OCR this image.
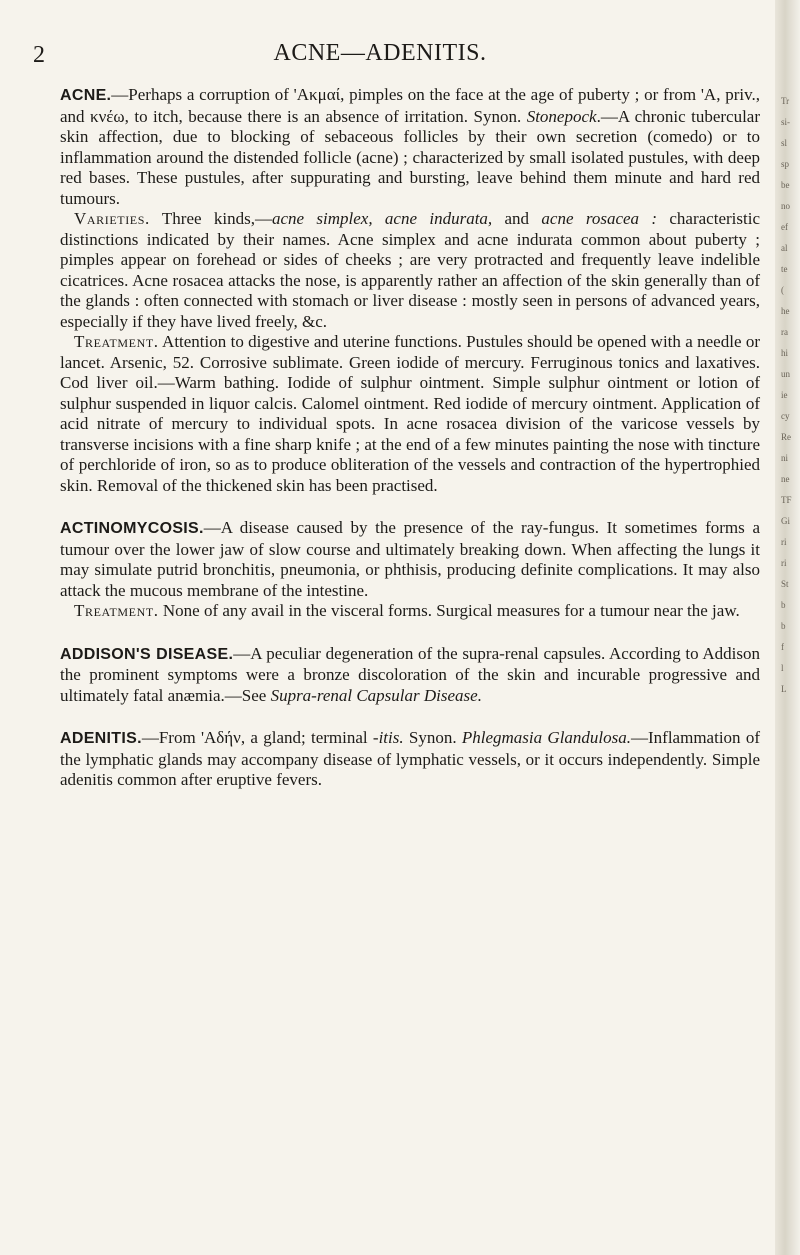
2	ACNE—ADENITIS.

ACNE.—Perhaps a corruption of 'Ακμαί, pimples on the face at the age of puberty ; or from 'A, priv., and κνέω, to itch, because there is an absence of irritation. Synon. Stonepock.—A chronic tubercular skin affection, due to blocking of sebaceous follicles by their own secretion (comedo) or to inflammation around the distended follicle (acne) ; characterized by small isolated pustules, with deep red bases. These pustules, after suppurating and bursting, leave behind them minute and hard red tumours.

Varieties. Three kinds,—acne simplex, acne indurata, and acne rosacea : characteristic distinctions indicated by their names. Acne simplex and acne indurata common about puberty ; pimples appear on forehead or sides of cheeks ; are very protracted and frequently leave indelible cicatrices. Acne rosacea attacks the nose, is apparently rather an affection of the skin generally than of the glands : often connected with stomach or liver disease : mostly seen in persons of advanced years, especially if they have lived freely, &c.

Treatment. Attention to digestive and uterine functions. Pustules should be opened with a needle or lancet. Arsenic, 52. Corrosive sublimate. Green iodide of mercury. Ferruginous tonics and laxatives. Cod liver oil.—Warm bathing. Iodide of sulphur ointment. Simple sulphur ointment or lotion of sulphur suspended in liquor calcis. Calomel ointment. Red iodide of mercury ointment. Application of acid nitrate of mercury to individual spots. In acne rosacea division of the varicose vessels by transverse incisions with a fine sharp knife ; at the end of a few minutes painting the nose with tincture of perchloride of iron, so as to produce obliteration of the vessels and contraction of the hypertrophied skin. Removal of the thickened skin has been practised.

ACTINOMYCOSIS.—A disease caused by the presence of the ray-fungus. It sometimes forms a tumour over the lower jaw of slow course and ultimately breaking down. When affecting the lungs it may simulate putrid bronchitis, pneumonia, or phthisis, producing definite complications. It may also attack the mucous membrane of the intestine.

Treatment. None of any avail in the visceral forms. Surgical measures for a tumour near the jaw.

ADDISON'S DISEASE.—A peculiar degeneration of the supra-renal capsules. According to Addison the prominent symptoms were a bronze discoloration of the skin and incurable progressive and ultimately fatal anæmia.—See Supra-renal Capsular Disease.

ADENITIS.—From 'Αδήν, a gland; terminal -itis. Synon. Phlegmasia Glandulosa.—Inflammation of the lymphatic glands may accompany disease of lymphatic vessels, or it occurs independently. Simple adenitis common after eruptive fevers.

Tr
si-
sl
sp
be
no
ef
al
te
(
he
ra
hi
un
ie
cy
Re
ni
ne
TF
Gi
ri
ri
St
b
b
f
l
L
